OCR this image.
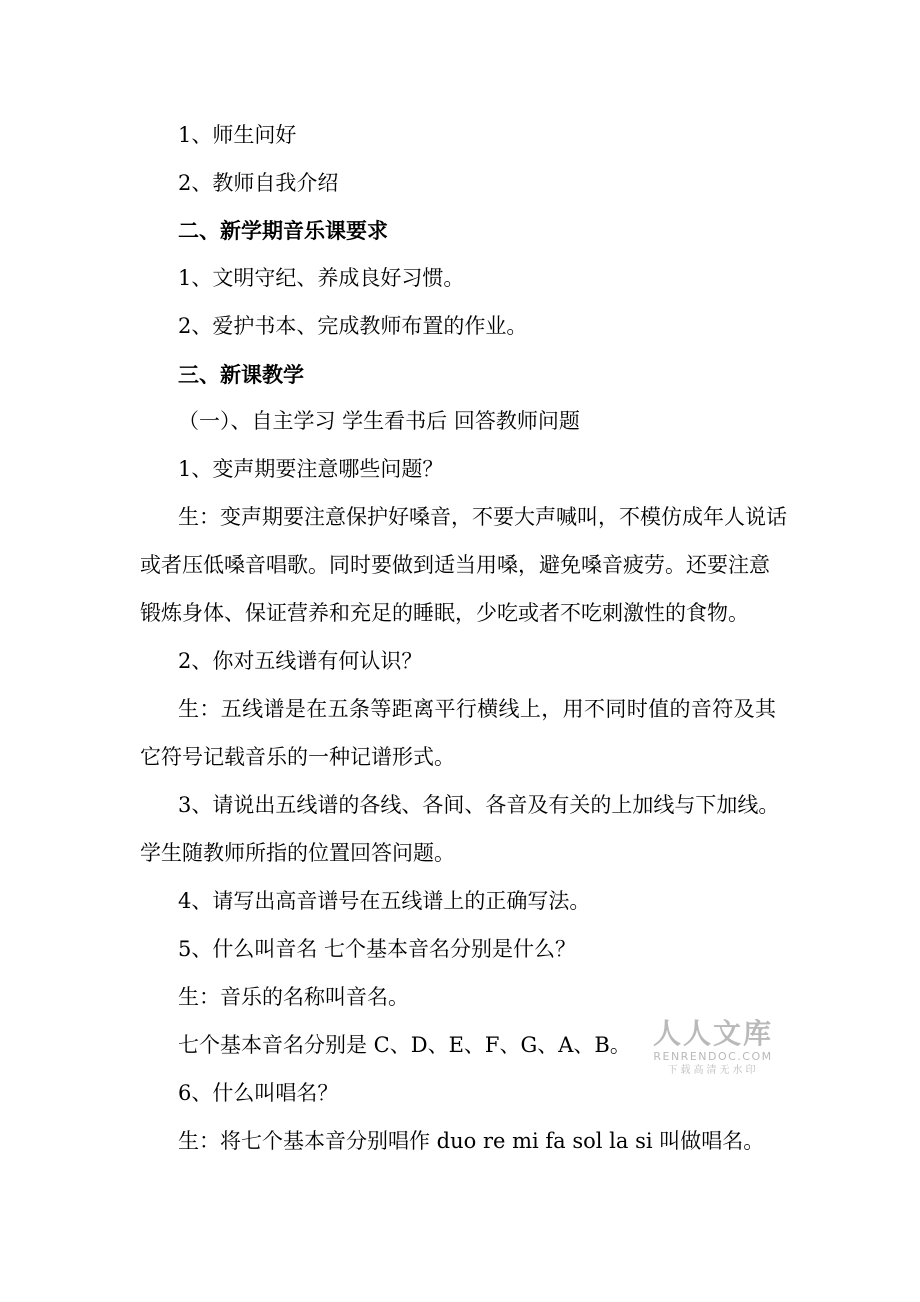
1、师生问好
2、教师自我介绍
二、新学期音乐课要求
1、文明守纪、养成良好习惯。
2、爱护书本、完成教师布置的作业。
三、新课教学
（一）、自主学习 学生看书后 回答教师问题
1、变声期要注意哪些问题？
生：变声期要注意保护好嗓音，不要大声喊叫，不模仿成年人说话
或者压低嗓音唱歌。同时要做到适当用嗓，避免嗓音疲劳。还要注意
锻炼身体、保证营养和充足的睡眠，少吃或者不吃刺激性的食物。
2、你对五线谱有何认识？
生：五线谱是在五条等距离平行横线上，用不同时值的音符及其
它符号记载音乐的一种记谱形式。
3、请说出五线谱的各线、各间、各音及有关的上加线与下加线。
学生随教师所指的位置回答问题。
4、请写出高音谱号在五线谱上的正确写法。
5、什么叫音名 七个基本音名分别是什么？
生：音乐的名称叫音名。
七个基本音名分别是 C、D、E、F、G、A、B。
6、什么叫唱名？
生：将七个基本音分别唱作 duo re mi fa sol la si 叫做唱名。
人人文库
RENRENDOC.COM
下载高清无水印
